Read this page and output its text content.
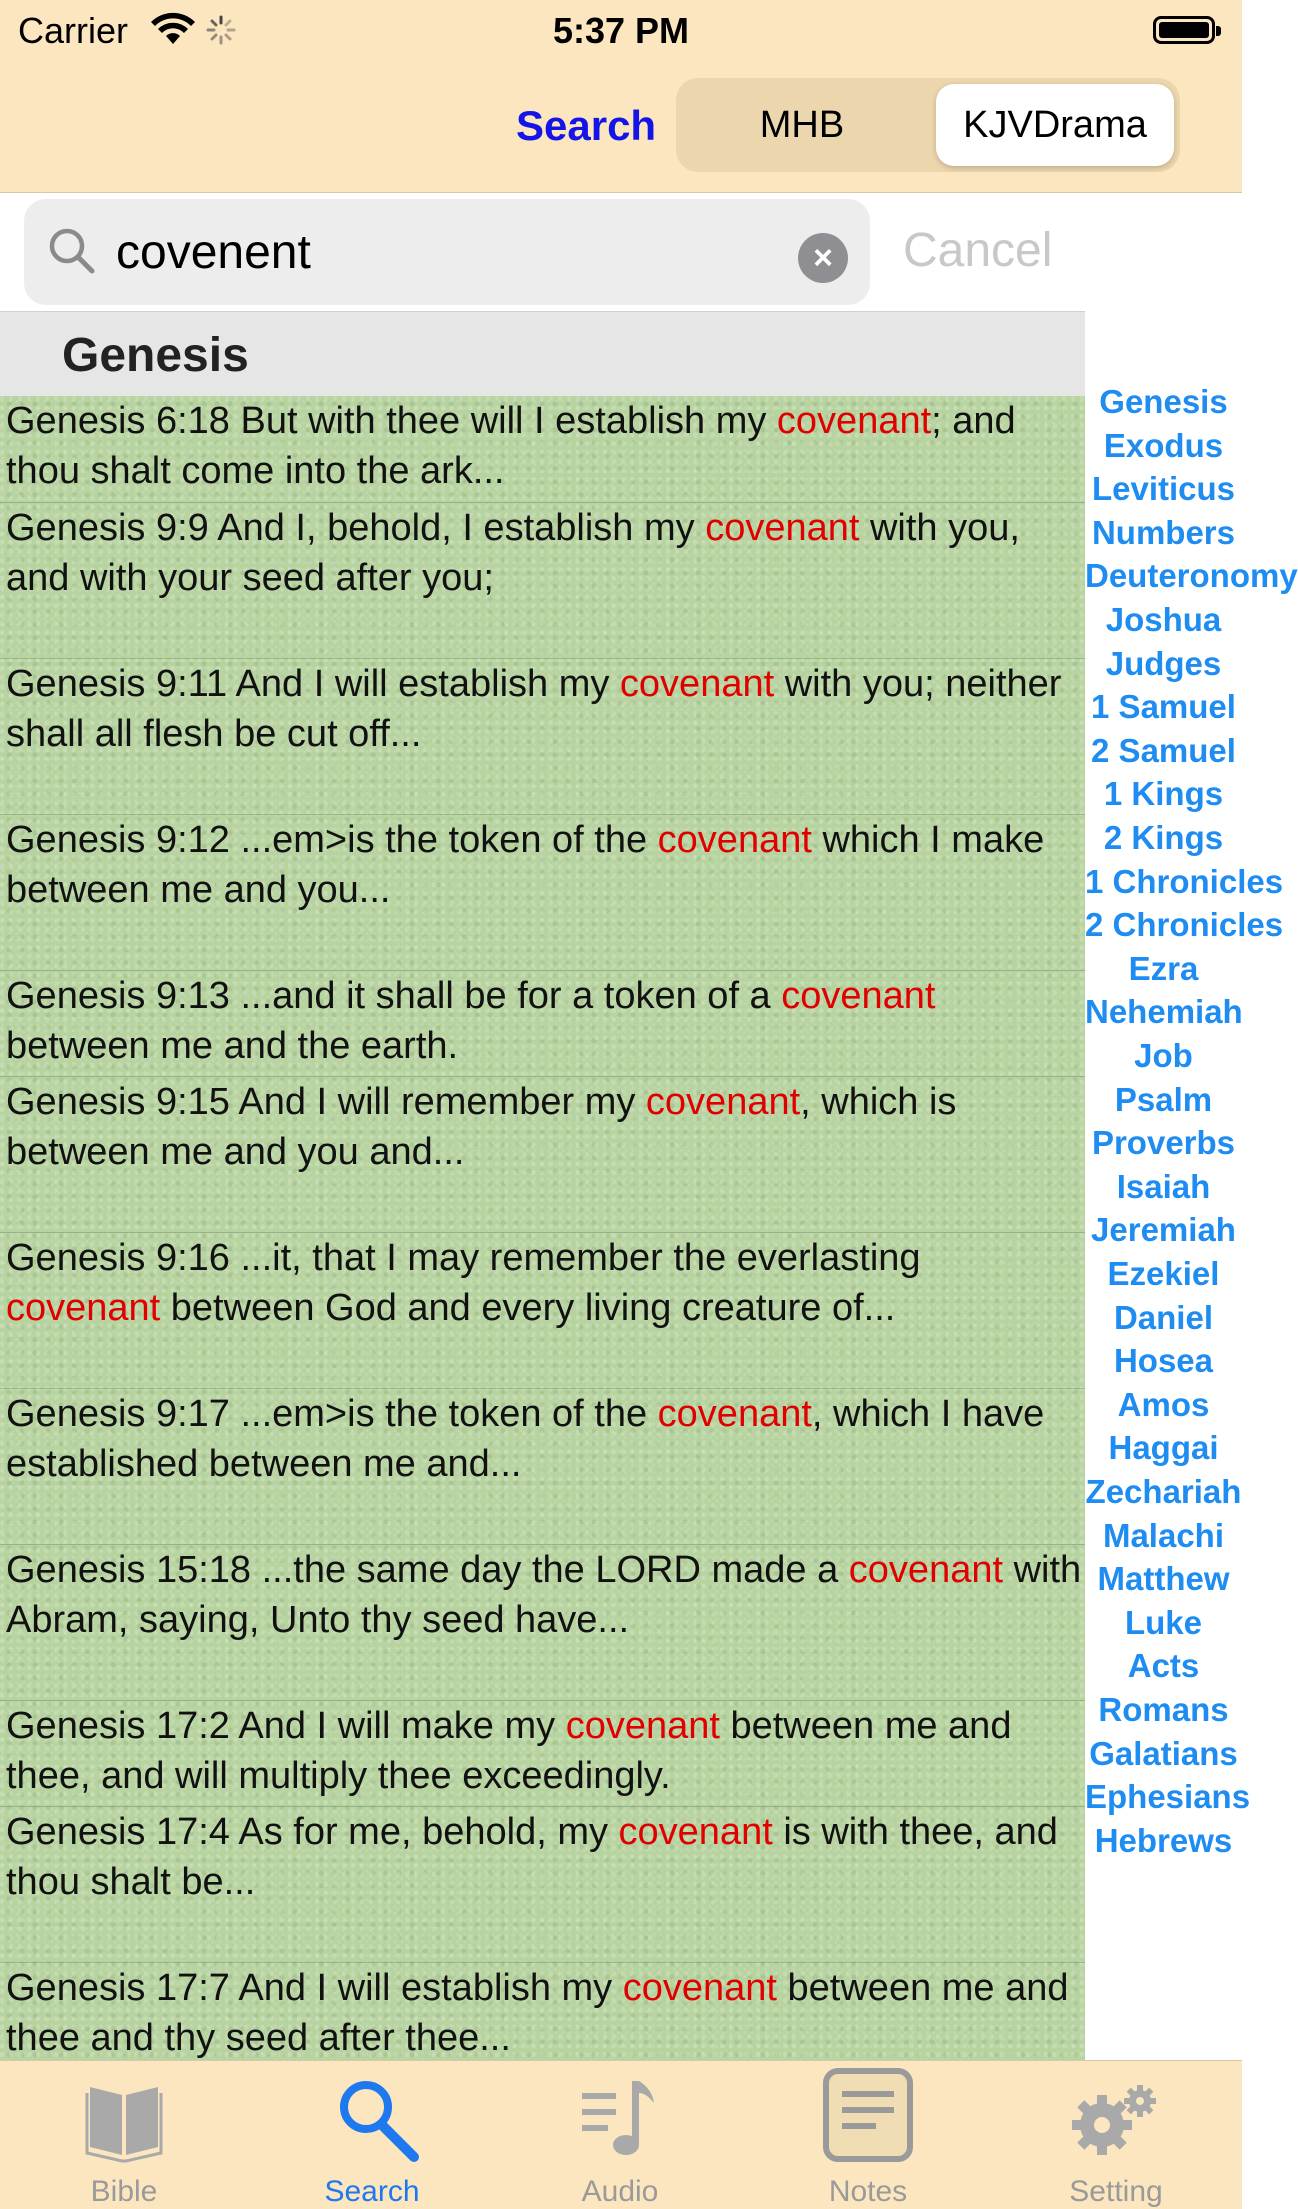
Carrier	5:37 PM
Search	MHB	KJVDrama
covenent
×	Cancel
Genesis
Genesis 6:18 But with thee will I establish my covenant; and
thou shalt come into the ark...
Genesis 9:9 And I, behold, I establish my covenant with you,
and with your seed after you;
Genesis 9:11 And I will establish my covenant with you; neither
shall all flesh be cut off...
Genesis 9:12 ...em>is the token of the covenant which I make
between me and you...
Genesis 9:13 ...and it shall be for a token of a covenant
between me and the earth.
Genesis 9:15 And I will remember my covenant, which is
between me and you and...
Genesis 9:16 ...it, that I may remember the everlasting
covenant between God and every living creature of...
Genesis 9:17 ...em>is the token of the covenant, which I have
established between me and...
Genesis 15:18 ...the same day the LORD made a covenant with
Abram, saying, Unto thy seed have...
Genesis 17:2 And I will make my covenant between me and
thee, and will multiply thee exceedingly.
Genesis 17:4 As for me, behold, my covenant is with thee, and
thou shalt be...
Genesis 17:7 And I will establish my covenant between me and
thee and thy seed after thee...
Genesis
Exodus
Leviticus
Numbers
Deuteronomy
Joshua
Judges
1 Samuel
2 Samuel
1 Kings
2 Kings
1 Chronicles
2 Chronicles
Ezra
Nehemiah
Job
Psalm
Proverbs
Isaiah
Jeremiah
Ezekiel
Daniel
Hosea
Amos
Haggai
Zechariah
Malachi
Matthew
Luke
Acts
Romans
Galatians
Ephesians
Hebrews
Bible	Search	Audio	Notes	Setting
